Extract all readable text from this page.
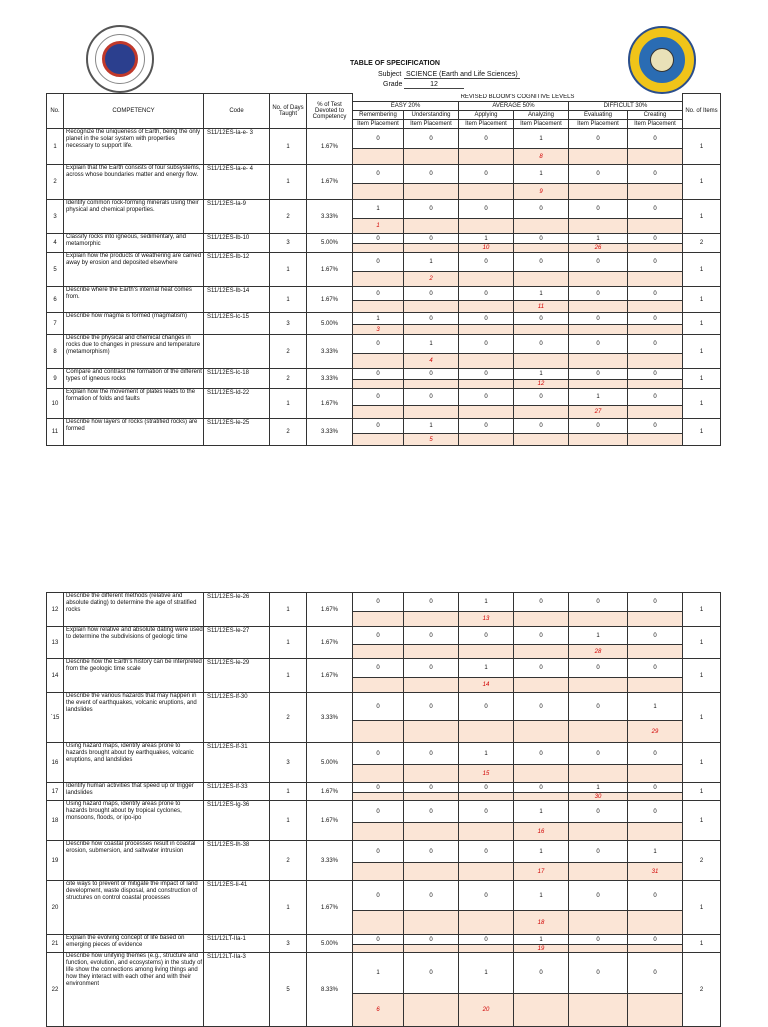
TABLE OF SPECIFICATION
Subject SCIENCE (Earth and Life Sciences)
Grade	12
No.	COMPETENCY	Code	No. of Days Taught	% of Test Devoted to Competency	REVISED BLOOM'S COGNITIVE LEVELS						No. of Items
					EASY 20%		AVERAGE 50%		DIFFICULT 30%		
					Remembering	Understanding	Applying	Analyzing	Evaluating	Creating	
					Item Placement	Item Placement	Item Placement	Item Placement	Item Placement	Item Placement	
1	Recognize the uniqueness of Earth, being the only planet in the solar system with properties necessary to support life.	S11/12ES-Ia-e- 3	1	1.67%	0	0	0	1	0	0	1
								8			
2	Explain that the Earth consists of four subsystems, across whose boundaries matter and energy flow.	S11/12ES-Ia-e- 4	1	1.67%	0	0	0	1	0	0	1
								9			
3	Identify common rock-forming minerals using their physical and chemical properties.	S11/12ES-Ia-9	2	3.33%	1	0	0	0	0	0	1
					1						
4	Classify rocks into igneous, sedimentary, and metamorphic	S11/12ES-Ib-10	3	5.00%	0	0	1	0	1	0	2
							10		26		
5	Explain how the products of weathering are carried away by erosion and deposited elsewhere	S11/12ES-Ib-12	1	1.67%	0	1	0	0	0	0	1
						2					
6	Describe where the Earth's internal heat comes from.	S11/12ES-Ib-14	1	1.67%	0	0	0	1	0	0	1
								11			
7	Describe how magma is formed (magmatism)	S11/12ES-Ic-15	3	5.00%	1	0	0	0	0	0	1
					3						
8	Describe the physical and chemical changes in rocks due to changes in pressure and temperature (metamorphism)		2	3.33%	0	1	0	0	0	0	1
						4					
9	Compare and contrast the formation of the different types of igneous rocks	S11/12ES-Ic-18	2	3.33%	0	0	0	1	0	0	1
								12			
10	Explain how the movement of plates leads to the formation of folds and faults	S11/12ES-Id-22	1	1.67%	0	0	0	0	1	0	1
									27		
11	Describe how layers of rocks (stratified rocks) are formed	S11/12ES-Ie-25	2	3.33%	0	1	0	0	0	0	1
						5					
12	Describe the different methods (relative and absolute dating) to determine the age of stratified rocks	S11/12ES-Ie-26	1	1.67%	0	0	1	0	0	0	1
							13				
13	Explain how relative and absolute dating were used to determine the subdivisions of geologic time	S11/12ES-Ie-27	1	1.67%	0	0	0	0	1	0	1
									28		
14	Describe how the Earth's history can be interpreted from the geologic time scale	S11/12ES-Ie-29	1	1.67%	0	0	1	0	0	0	1
							14				
`15	Describe the various hazards that may happen in the event of earthquakes, volcanic eruptions, and landslides	S11/12ES-If-30	2	3.33%	0	0	0	0	0	1	1
										29	
16	Using hazard maps, identify areas prone to hazards brought about by earthquakes, volcanic eruptions, and landslides	S11/12ES-If-31	3	5.00%	0	0	1	0	0	0	1
							15				
17	Identify human activities that speed up or trigger landslides	S11/12ES-If-33	1	1.67%	0	0	0	0	1	0	1
									30		
18	Using hazard maps, identify areas prone to hazards brought about by tropical cyclones, monsoons, floods, or ipo-ipo	S11/12ES-Ig-36	1	1.67%	0	0	0	1	0	0	1
								16			
19	Describe how coastal processes result in coastal erosion, submersion, and saltwater intrusion	S11/12ES-Ih-38	2	3.33%	0	0	0	1	0	1	2
								17		31	
20	cite ways to prevent or mitigate the impact of land development, waste disposal, and construction of structures on control coastal processes	S11/12ES-Ii-41	1	1.67%	0	0	0	1	0	0	1
								18			
21	Explain the evolving concept of life based on emerging pieces of evidence	S11/12LT-IIa-1	3	5.00%	0	0	0	1	0	0	1
								19			
22	Describe how unifying themes (e.g., structure and function, evolution, and ecosystems) in the study of life show the connections among living things and how they interact with each other and with their environment	S11/12LT-IIa-3	5	8.33%	1	0	1	0	0	0	2
					6		20				
